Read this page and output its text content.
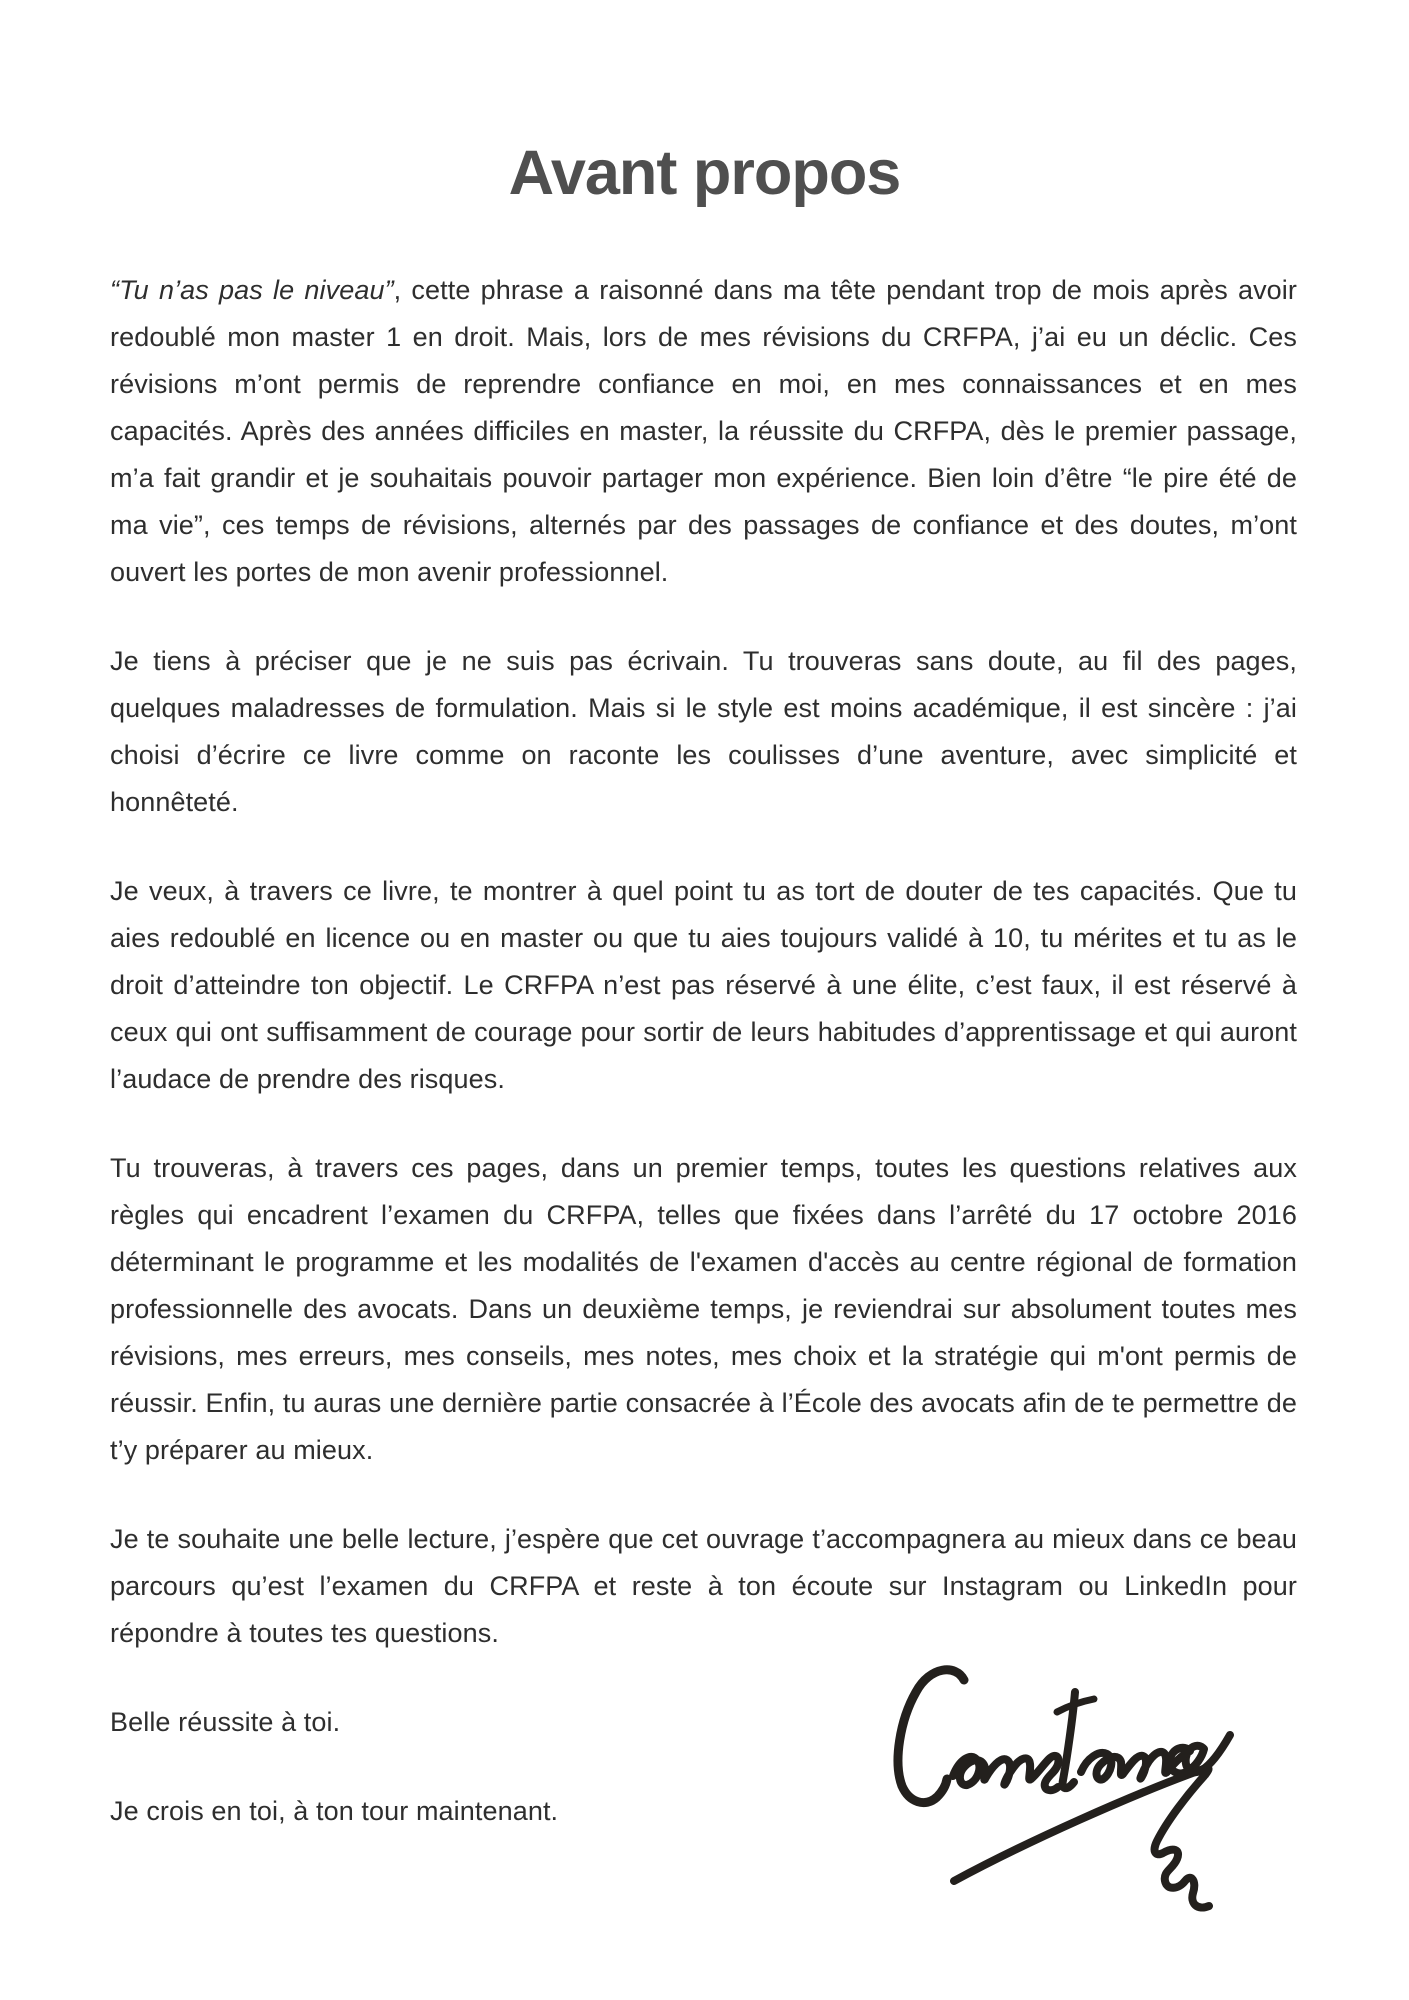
Avant propos

“Tu n’as pas le niveau”, cette phrase a raisonné dans ma tête pendant trop de mois après avoir redoublé mon master 1 en droit. Mais, lors de mes révisions du CRFPA, j’ai eu un déclic. Ces révisions m’ont permis de reprendre confiance en moi, en mes connaissances et en mes capacités. Après des années difficiles en master, la réussite du CRFPA, dès le premier passage, m’a fait grandir et je souhaitais pouvoir partager mon expérience. Bien loin d’être “le pire été de ma vie”, ces temps de révisions, alternés par des passages de confiance et des doutes, m’ont ouvert les portes de mon avenir professionnel.

Je tiens à préciser que je ne suis pas écrivain. Tu trouveras sans doute, au fil des pages, quelques maladresses de formulation. Mais si le style est moins académique, il est sincère : j’ai choisi d’écrire ce livre comme on raconte les coulisses d’une aventure, avec simplicité et honnêteté.

Je veux, à travers ce livre, te montrer à quel point tu as tort de douter de tes capacités. Que tu aies redoublé en licence ou en master ou que tu aies toujours validé à 10, tu mérites et tu as le droit d’atteindre ton objectif. Le CRFPA n’est pas réservé à une élite, c’est faux, il est réservé à ceux qui ont suffisamment de courage pour sortir de leurs habitudes d’apprentissage et qui auront l’audace de prendre des risques.

Tu trouveras, à travers ces pages, dans un premier temps, toutes les questions relatives aux règles qui encadrent l’examen du CRFPA, telles que fixées dans l’arrêté du 17 octobre 2016 déterminant le programme et les modalités de l'examen d'accès au centre régional de formation professionnelle des avocats. Dans un deuxième temps, je reviendrai sur absolument toutes mes révisions, mes erreurs, mes conseils, mes notes, mes choix et la stratégie qui m'ont permis de réussir. Enfin, tu auras une dernière partie consacrée à l’École des avocats afin de te permettre de t’y préparer au mieux.

Je te souhaite une belle lecture, j’espère que cet ouvrage t’accompagnera au mieux dans ce beau parcours qu’est l’examen du CRFPA et reste à ton écoute sur Instagram ou LinkedIn pour répondre à toutes tes questions.

Belle réussite à toi.

Je crois en toi, à ton tour maintenant.
